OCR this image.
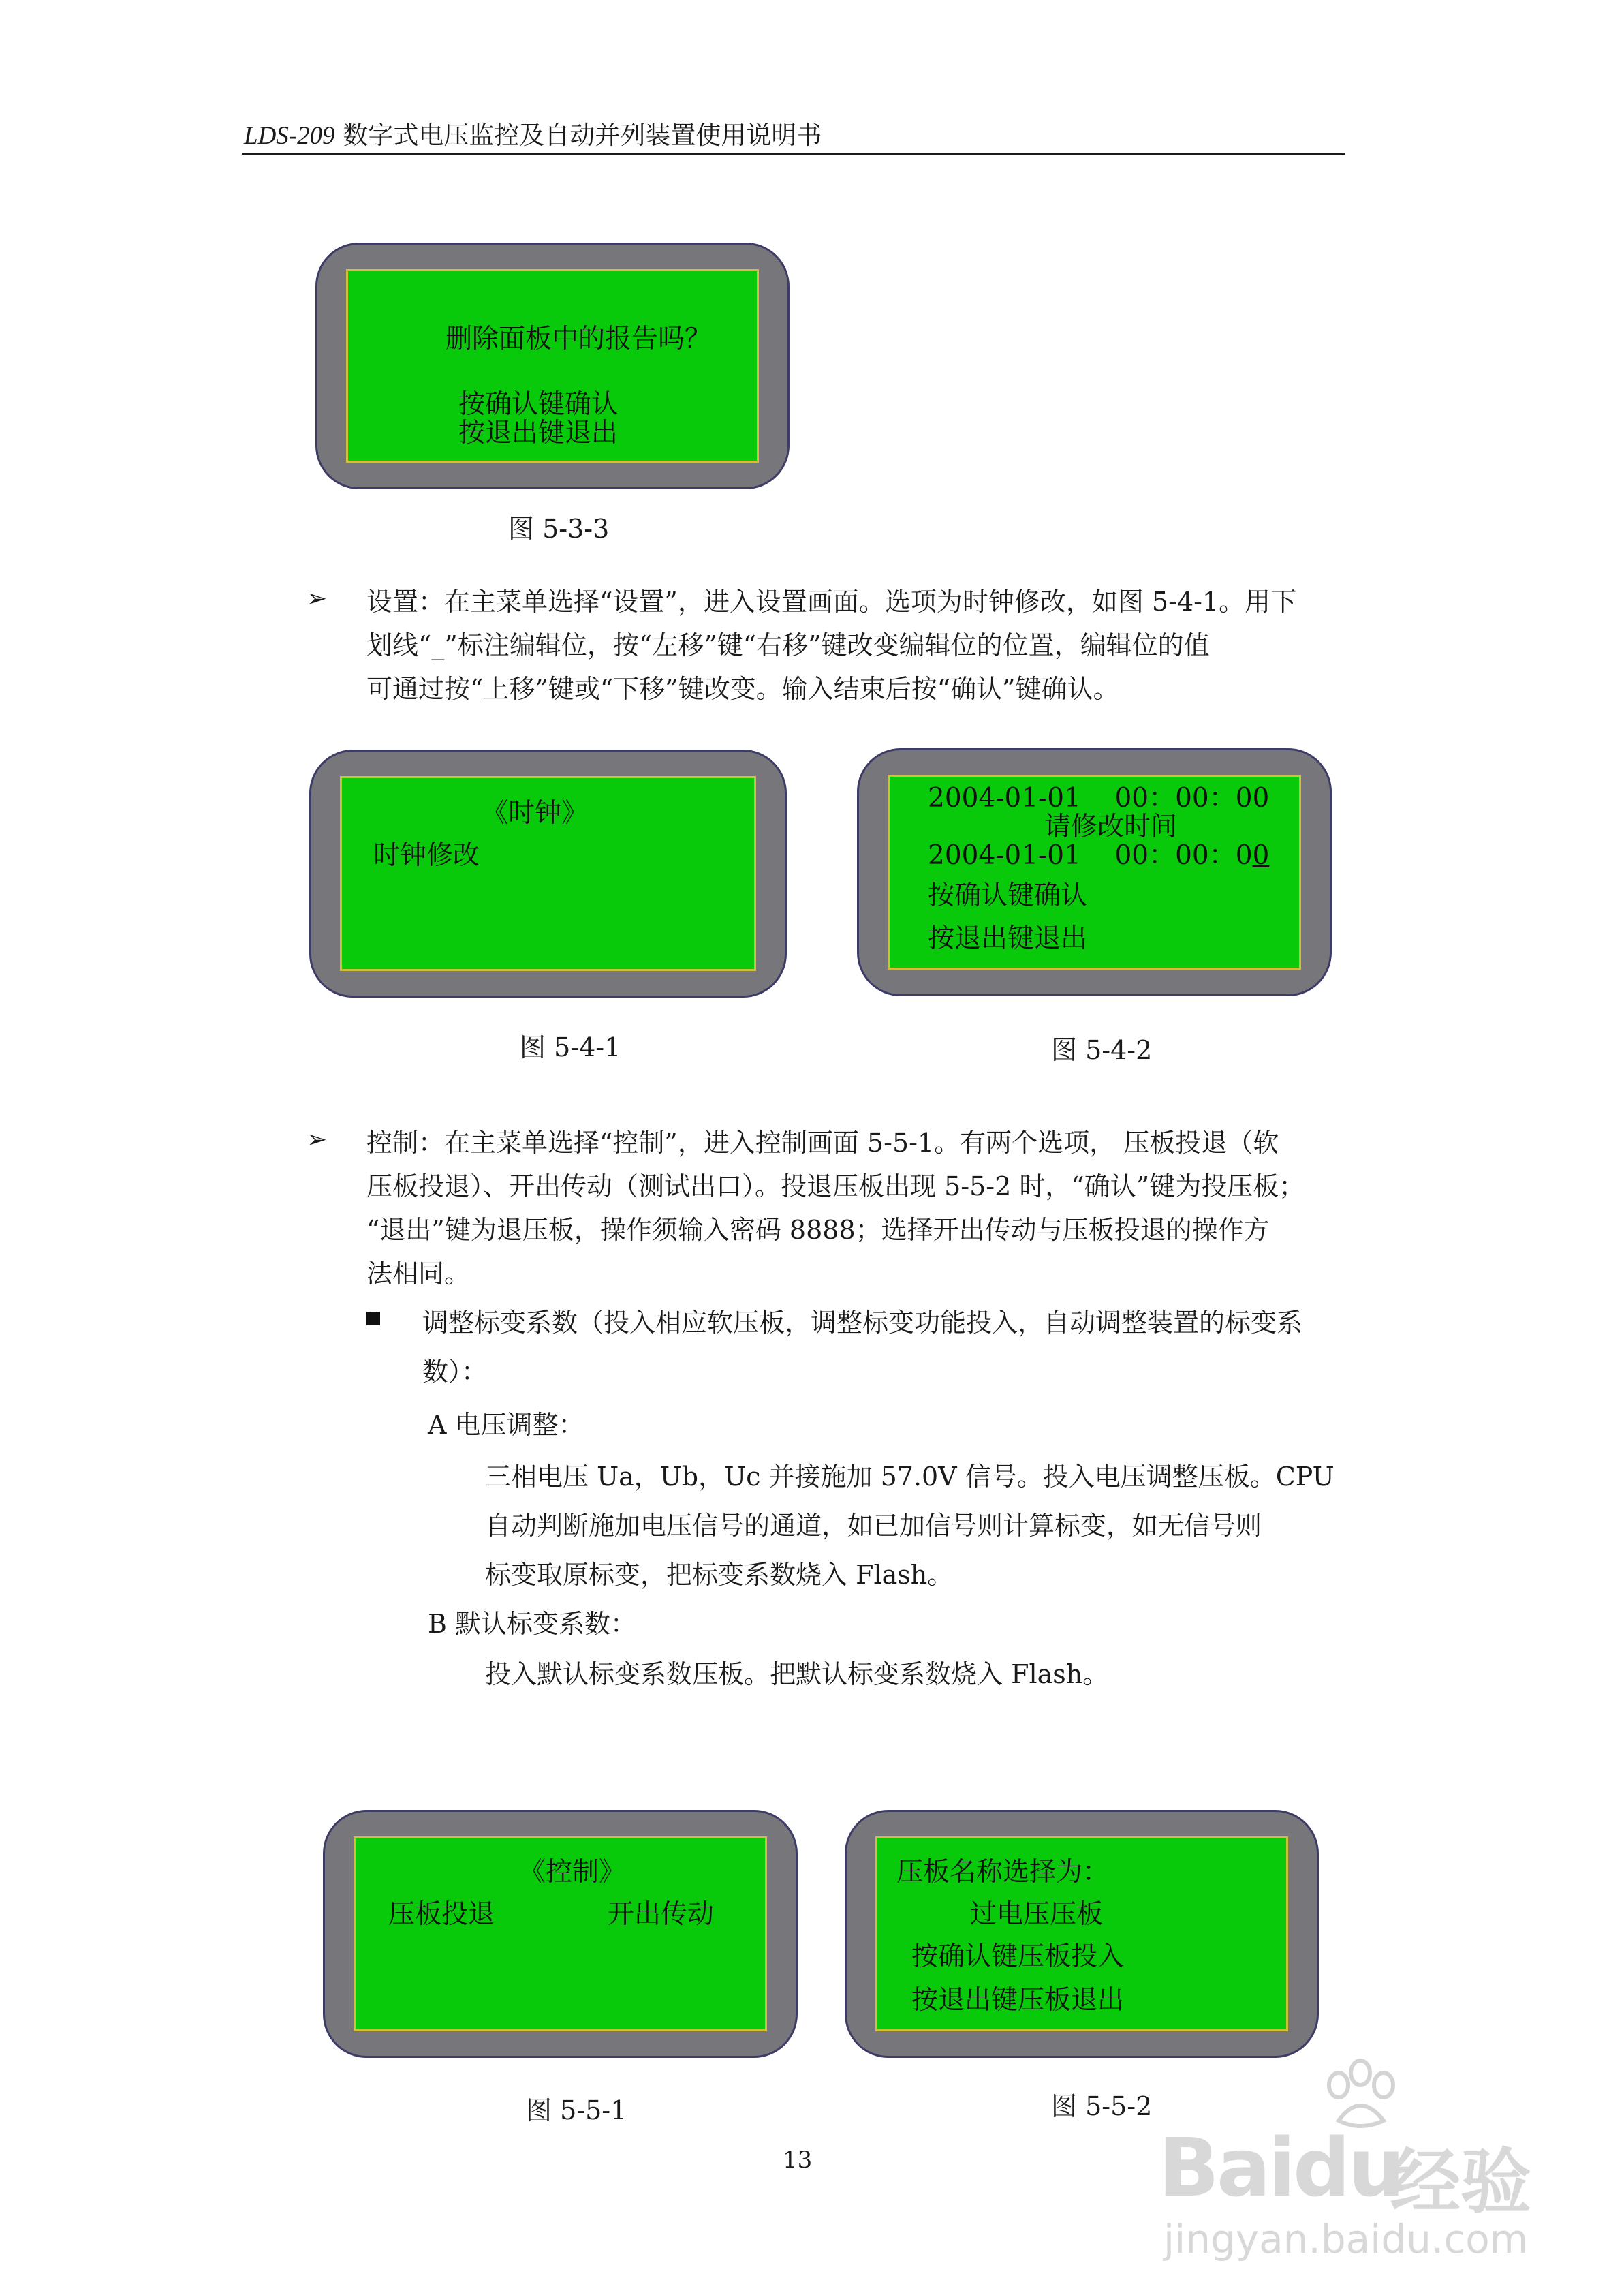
LDS-209 数字式电压监控及自动并列装置使用说明书
删除面板中的报告吗？
按确认键确认
按退出键退出
图 5-3-3
➢ 设置：在主菜单选择“设置”，进入设置画面。选项为时钟修改，如图 5-4-1。用下
划线“_”标注编辑位，按“左移”键“右移”键改变编辑位的位置，编辑位的值
可通过按“上移”键或“下移”键改变。输入结束后按“确认”键确认。
《时钟》
时钟修改
图 5-4-1
2004-01-01    00：00：00
请修改时间
2004-01-01    00：00：00
按确认键确认
按退出键退出
图 5-4-2
➢ 控制：在主菜单选择“控制”，进入控制画面 5-5-1。有两个选项， 压板投退（软
压板投退）、开出传动（测试出口）。投退压板出现 5-5-2 时，“确认”键为投压板；
“退出”键为退压板，操作须输入密码 8888；选择开出传动与压板投退的操作方
法相同。
调整标变系数（投入相应软压板，调整标变功能投入，自动调整装置的标变系
数）：
A 电压调整：
三相电压 Ua，Ub，Uc 并接施加 57.0V 信号。投入电压调整压板。CPU
自动判断施加电压信号的通道，如已加信号则计算标变，如无信号则
标变取原标变，把标变系数烧入 Flash。
B 默认标变系数：
投入默认标变系数压板。把默认标变系数烧入 Flash。
《控制》
压板投退	开出传动
图 5-5-1
压板名称选择为：
过电压压板
按确认键压板投入
按退出键压板退出
图 5-5-2
13	Baidu
经验
jingyan.baidu.com
